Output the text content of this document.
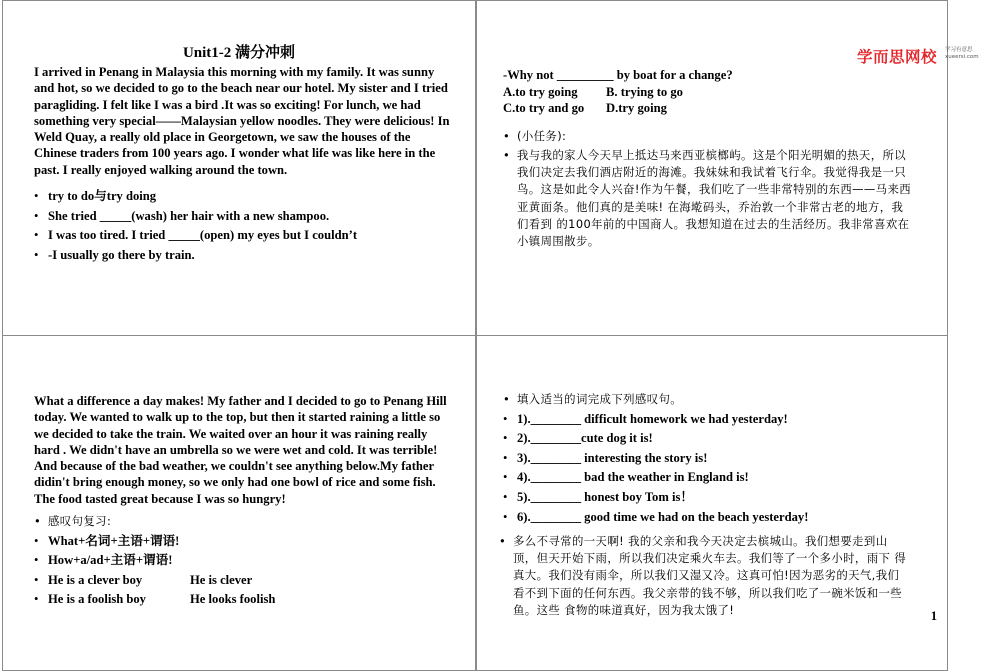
Unit1-2 满分冲刺

I arrived in Penang in Malaysia this morning with my family. It was sunny and hot, so we decided to go to the beach near our hotel. My sister and I tried paragliding. I felt like I was a bird .It was so exciting! For lunch, we had something very special——Malaysian yellow noodles. They were delicious! In Weld Quay, a really old place in Georgetown, we saw the houses of the Chinese traders from 100 years ago. I wonder what life was like here in the past. I really enjoyed walking around the town.

• try to do与try doing
• She tried _____(wash) her hair with a new shampoo.
• I was too tired. I tried _____(open) my eyes but I couldn’t
• -I usually go there by train.
学而思网校 学习有意思
xueersi.com
-Why not _________ by boat for a change?
A.to try going B. trying to go
C.to try and go D.try going
• (小任务):
• 我与我的家人今天早上抵达马来西亚槟榔屿。这是个阳光明媚的热天，所以我们决定去我们酒店附近的海滩。我妹妹和我试着飞行伞。我觉得我是一只鸟。这是如此令人兴奋!作为午餐，我们吃了一些非常特别的东西——马来西亚黄面条。他们真的是美味! 在海墘码头，乔治敦一个非常古老的地方，我们看到 的100年前的中国商人。我想知道在过去的生活经历。我非常喜欢在小镇周围散步。

What a difference a day makes! My father and I decided to go to Penang Hill today. We wanted to walk up to the top, but then it started raining a little so we decided to take the train. We waited over an hour it was raining really hard . We didn't have an umbrella so we were wet and cold. It was terrible! And because of the bad weather, we couldn't see anything below.My father didin't bring enough money, so we only had one bowl of rice and some fish. The food tasted great because I was so hungry!

• 感叹句复习:
• What+名词+主语+谓语!
• How+a/ad+主语+谓语!
• He is a clever boy	He is clever
• He is a foolish boy	He looks foolish
• 填入适当的词完成下列感叹句。
• 1).________ difficult homework we had yesterday!
• 2).________cute dog it is!
• 3).________ interesting the story is!
• 4).________ bad the weather in England is!
• 5).________ honest boy Tom is！
• 6).________ good time we had on the beach yesterday!
• 多么不寻常的一天啊! 我的父亲和我今天决定去槟城山。我们想要走到山顶，但天开始下雨，所以我们决定乘火车去。我们等了一个多小时，雨下 得真大。我们没有雨伞，所以我们又湿又冷。这真可怕!因为恶劣的天气,我们看不到下面的任何东西。我父亲带的钱不够，所以我们吃了一碗米饭和一些鱼。这些 食物的味道真好，因为我太饿了!	1
